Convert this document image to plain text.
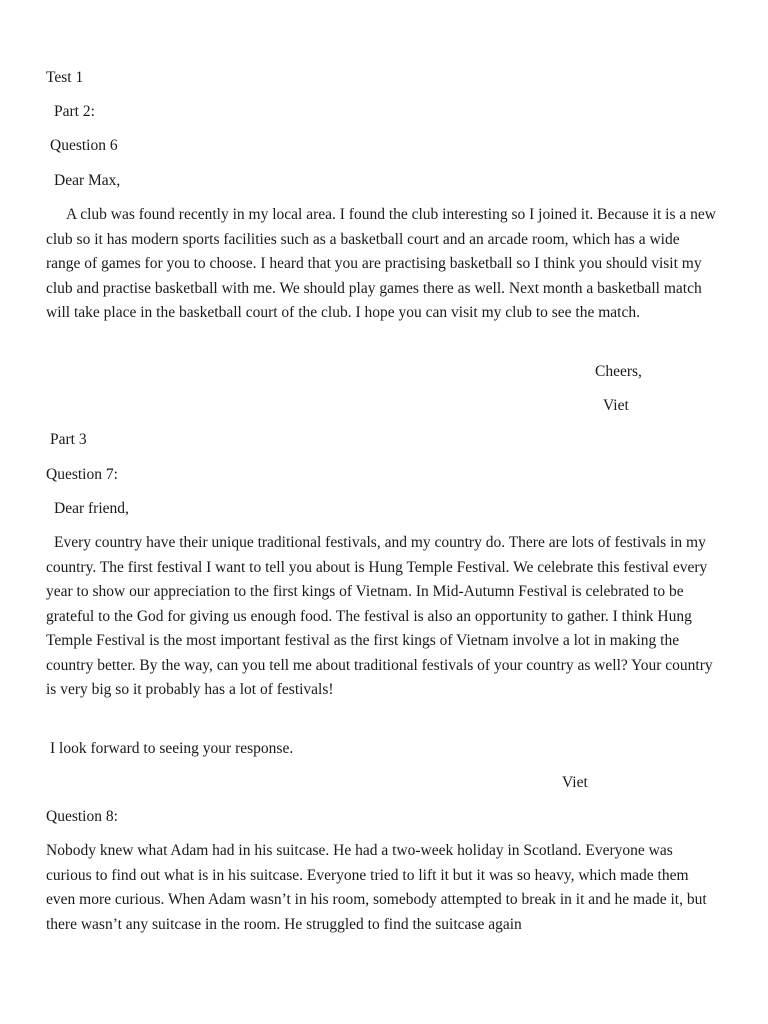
Test 1

Part 2:

Question 6

Dear Max,

A club was found recently in my local area. I found the club interesting so I joined it. Because it is a new club so it has modern sports facilities such as a basketball court and an arcade room, which has a wide range of games for you to choose. I heard that you are practising basketball so I think you should visit my club and practise basketball with me. We should play games there as well. Next month a basketball match will take place in the basketball court of the club. I hope you can visit my club to see the match.

Cheers,

Viet

Part 3

Question 7:

Dear friend,

Every country have their unique traditional festivals, and my country do. There are lots of festivals in my country. The first festival I want to tell you about is Hung Temple Festival. We celebrate this festival every year to show our appreciation to the first kings of Vietnam. In Mid-Autumn Festival is celebrated to be grateful to the God for giving us enough food. The festival is also an opportunity to gather. I think Hung Temple Festival is the most important festival as the first kings of Vietnam involve a lot in making the country better. By the way, can you tell me about traditional festivals of your country as well? Your country is very big so it probably has a lot of festivals!

I look forward to seeing your response.

Viet

Question 8:

Nobody knew what Adam had in his suitcase. He had a two-week holiday in Scotland. Everyone was curious to find out what is in his suitcase. Everyone tried to lift it but it was so heavy, which made them even more curious. When Adam wasn’t in his room, somebody attempted to break in it and he made it, but there wasn’t any suitcase in the room. He struggled to find the suitcase again
